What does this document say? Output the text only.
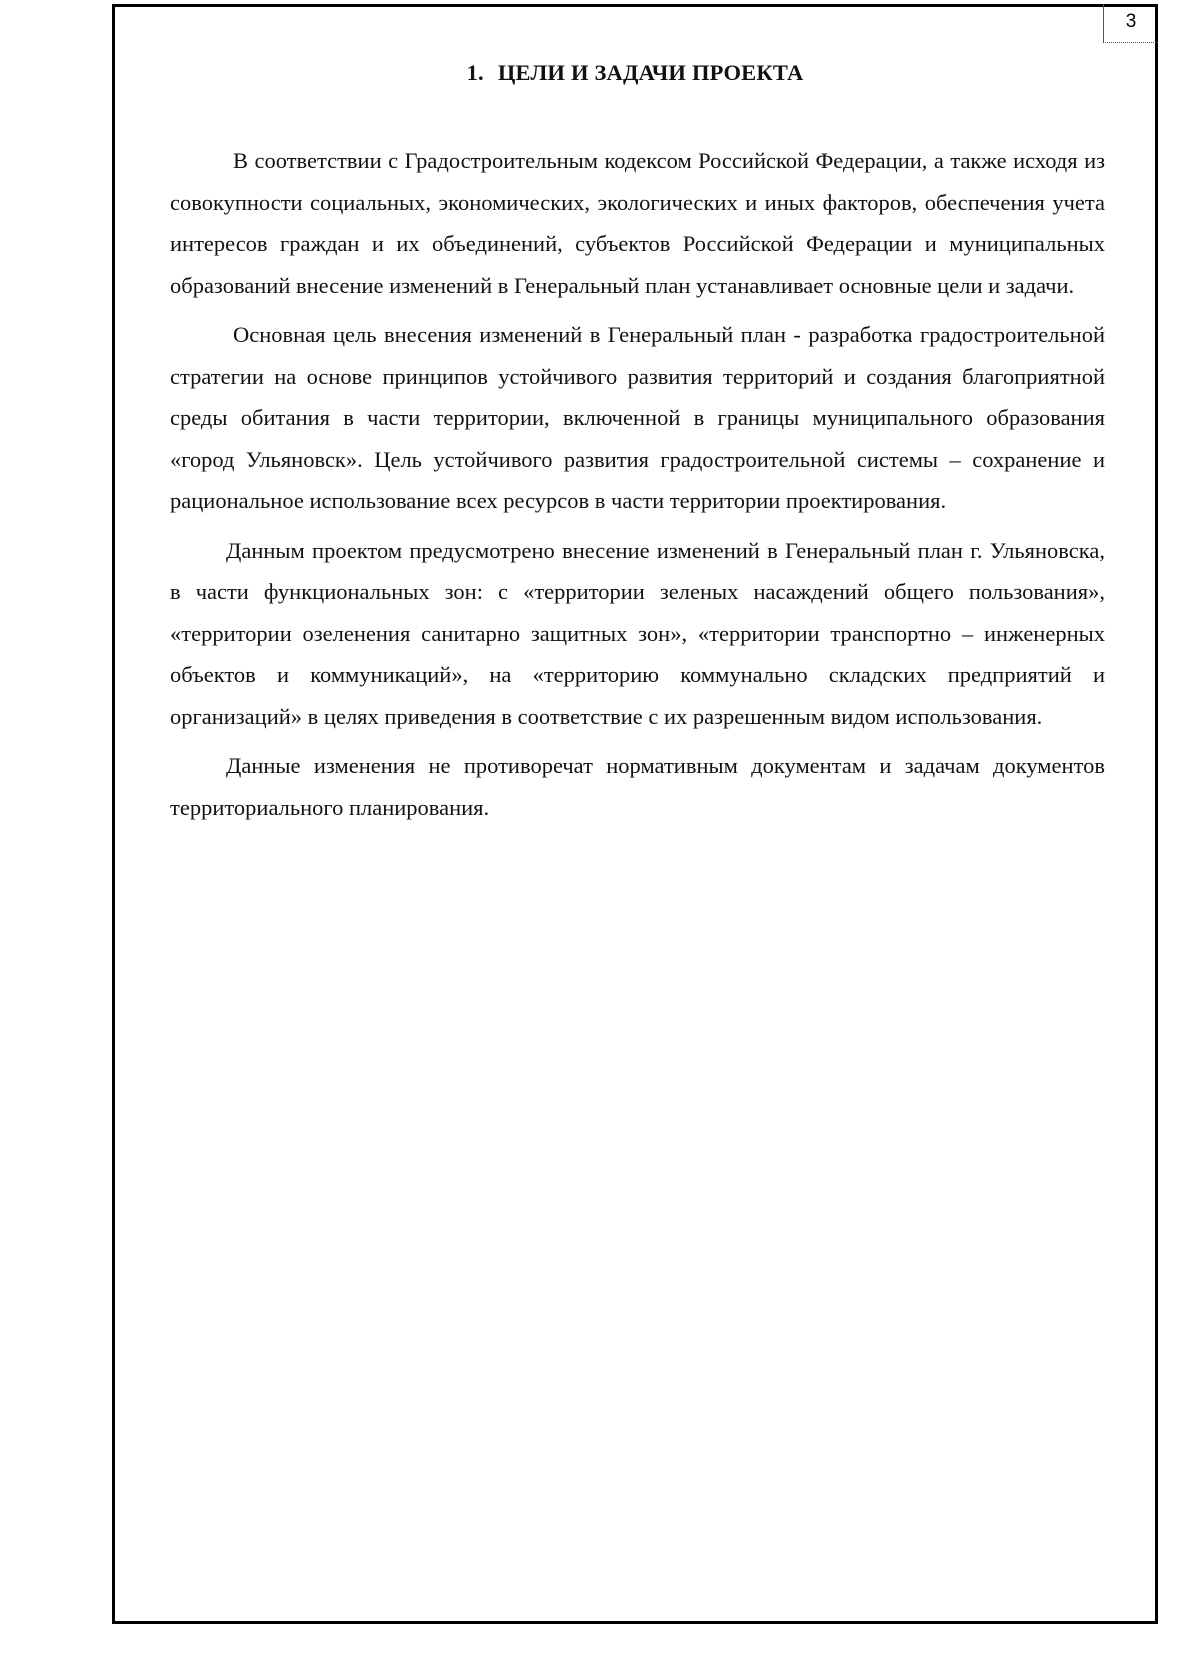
3
1. ЦЕЛИ И ЗАДАЧИ ПРОЕКТА

В соответствии с Градостроительным кодексом Российской Федерации, а также исходя из совокупности социальных, экономических, экологических и иных факторов, обеспечения учета интересов граждан и их объединений, субъектов Российской Федерации и муниципальных образований внесение изменений в Генеральный план устанавливает основные цели и задачи.

Основная цель внесения изменений в Генеральный план - разработка градостроительной стратегии на основе принципов устойчивого развития территорий и создания благоприятной среды обитания в части территории, включенной в границы муниципального образования «город Ульяновск». Цель устойчивого развития градостроительной системы – сохранение и рациональное использование всех ресурсов в части территории проектирования.

Данным проектом предусмотрено внесение изменений в Генеральный план г. Ульяновска, в части функциональных зон: с «территории зеленых насаждений общего пользования», «территории озеленения санитарно защитных зон», «территории транспортно – инженерных объектов и коммуникаций», на «территорию коммунально складских предприятий и организаций» в целях приведения в соответствие с их разрешенным видом использования.

Данные изменения не противоречат нормативным документам и задачам документов территориального планирования.
